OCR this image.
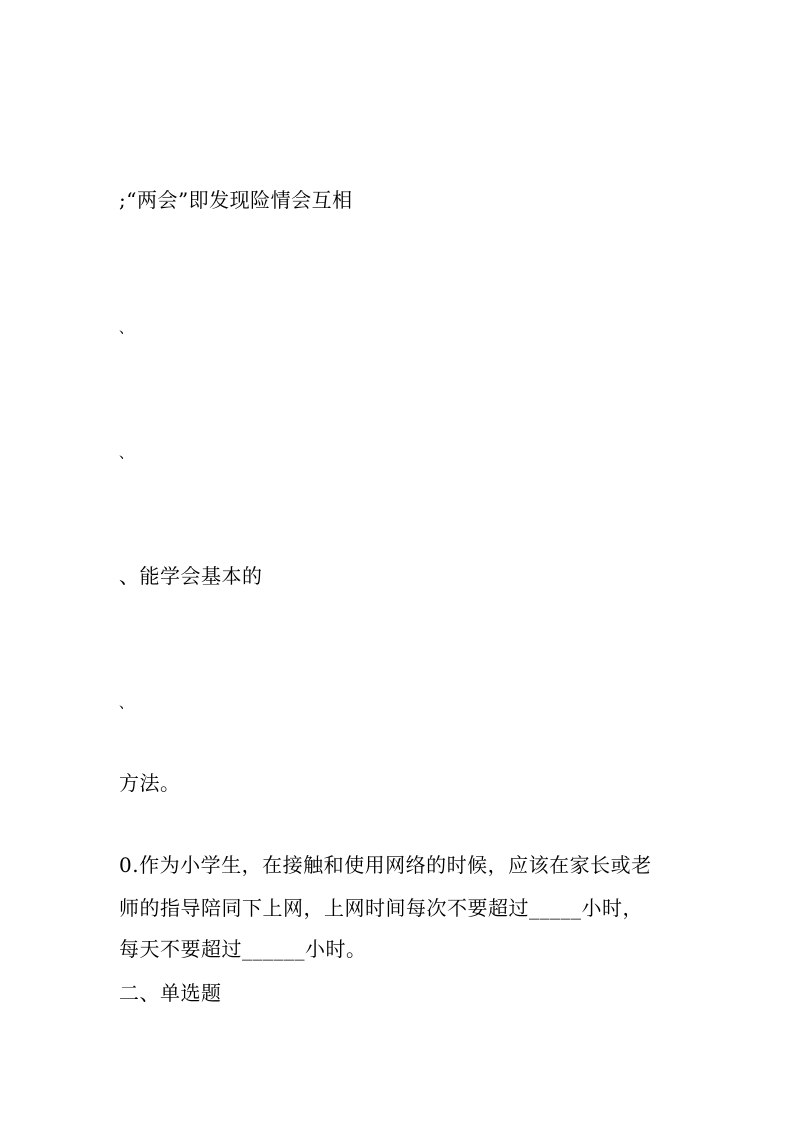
;“两会”即发现险情会互相
、
、
、能学会基本的
、
方法。
0.作为小学生，在接触和使用网络的时候，应该在家长或老
师的指导陪同下上网，上网时间每次不要超过_____小时，
每天不要超过______小时。
二、单选题
